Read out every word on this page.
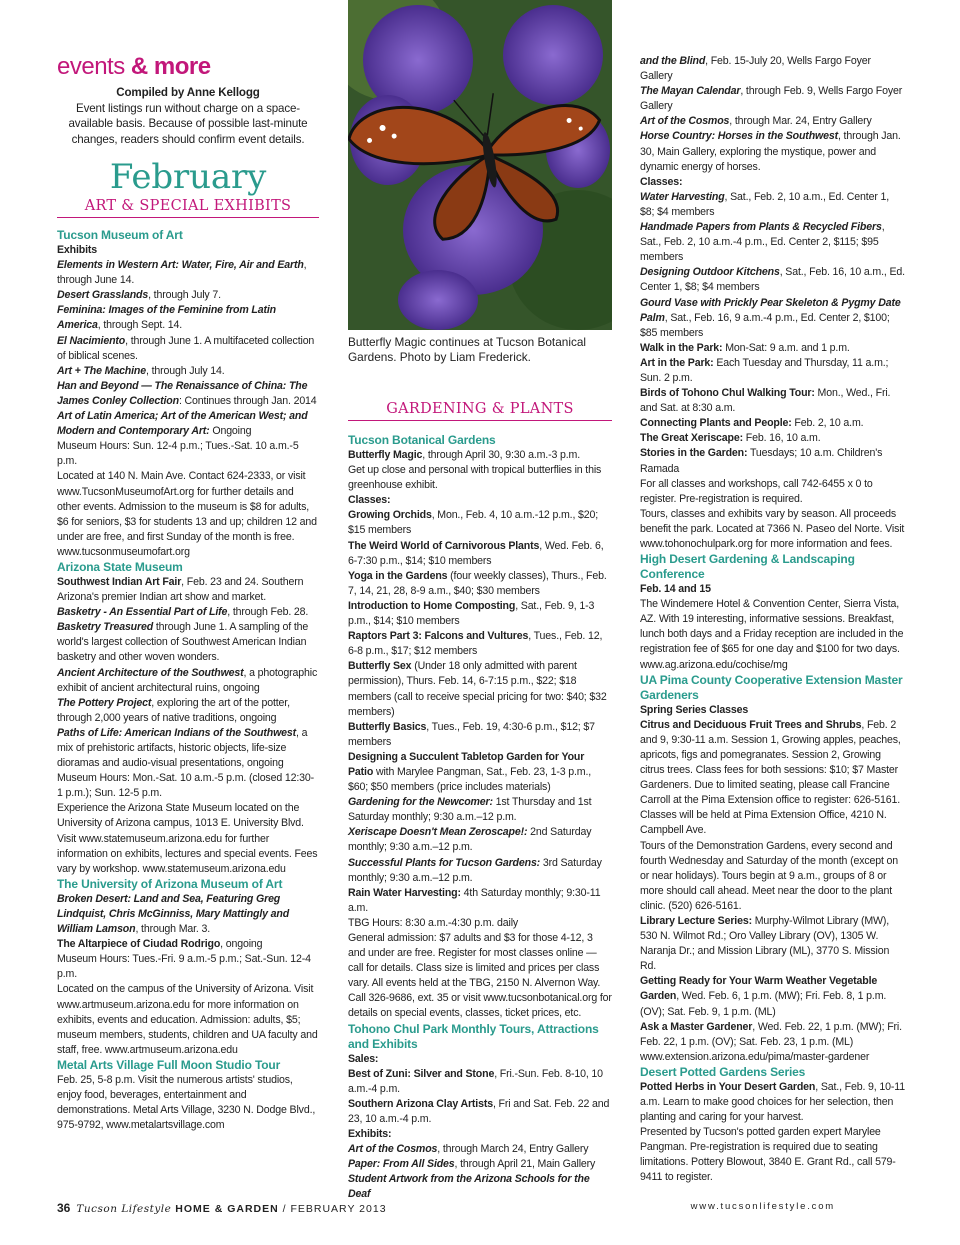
events & more
Compiled by Anne Kellogg
Event listings run without charge on a space-available basis. Because of possible last-minute changes, readers should confirm event details.
February
ART & SPECIAL EXHIBITS
Tucson Museum of Art
Exhibits
Elements in Western Art: Water, Fire, Air and Earth, through June 14.
Desert Grasslands, through July 7.
Feminina: Images of the Feminine from Latin America, through Sept. 14.
El Nacimiento, through June 1. A multifaceted collection of biblical scenes.
Art + The Machine, through July 14.
Han and Beyond — The Renaissance of China: The James Conley Collection: Continues through Jan. 2014
Art of Latin America; Art of the American West; and Modern and Contemporary Art: Ongoing
Museum Hours: Sun. 12-4 p.m.; Tues.-Sat. 10 a.m.-5 p.m.
Located at 140 N. Main Ave. Contact 624-2333, or visit www.TucsonMuseumofArt.org for further details and other events. Admission to the museum is $8 for adults, $6 for seniors, $3 for students 13 and up; children 12 and under are free, and first Sunday of the month is free. www.tucsonmuseumofart.org
Arizona State Museum
Southwest Indian Art Fair, Feb. 23 and 24. Southern Arizona's premier Indian art show and market.
Basketry - An Essential Part of Life, through Feb. 28.
Basketry Treasured through June 1. A sampling of the world's largest collection of Southwest American Indian basketry and other woven wonders.
Ancient Architecture of the Southwest, a photographic exhibit of ancient architectural ruins, ongoing
The Pottery Project, exploring the art of the potter, through 2,000 years of native traditions, ongoing
Paths of Life: American Indians of the Southwest, a mix of prehistoric artifacts, historic objects, life-size dioramas and audio-visual presentations, ongoing
Museum Hours: Mon.-Sat. 10 a.m.-5 p.m. (closed 12:30-1 p.m.); Sun. 12-5 p.m.
Experience the Arizona State Museum located on the University of Arizona campus, 1013 E. University Blvd. Visit www.statemuseum.arizona.edu for further information on exhibits, lectures and special events. Fees vary by workshop. www.statemuseum.arizona.edu
The University of Arizona Museum of Art
Broken Desert: Land and Sea, Featuring Greg Lindquist, Chris McGinniss, Mary Mattingly and William Lamson, through Mar. 3.
The Altarpiece of Ciudad Rodrigo, ongoing
Museum Hours: Tues.-Fri. 9 a.m.-5 p.m.; Sat.-Sun. 12-4 p.m.
Located on the campus of the University of Arizona. Visit www.artmuseum.arizona.edu for more information on exhibits, events and education. Admission: adults, $5; museum members, students, children and UA faculty and staff, free. www.artmuseum.arizona.edu
Metal Arts Village Full Moon Studio Tour
Feb. 25, 5-8 p.m. Visit the numerous artists' studios, enjoy food, beverages, entertainment and demonstrations. Metal Arts Village, 3230 N. Dodge Blvd., 975-9792, www.metalartsvillage.com
Butterfly Magic continues at Tucson Botanical Gardens. Photo by Liam Frederick.
GARDENING & PLANTS
Tucson Botanical Gardens
Butterfly Magic, through April 30, 9:30 a.m.-3 p.m.
Get up close and personal with tropical butterflies in this greenhouse exhibit.
Classes:
Growing Orchids, Mon., Feb. 4, 10 a.m.-12 p.m., $20; $15 members
The Weird World of Carnivorous Plants, Wed. Feb. 6, 6-7:30 p.m., $14; $10 members
Yoga in the Gardens (four weekly classes), Thurs., Feb. 7, 14, 21, 28, 8-9 a.m., $40; $30 members
Introduction to Home Composting, Sat., Feb. 9, 1-3 p.m., $14; $10 members
Raptors Part 3: Falcons and Vultures, Tues., Feb. 12, 6-8 p.m., $17; $12 members
Butterfly Sex (Under 18 only admitted with parent permission), Thurs. Feb. 14, 6-7:15 p.m., $22; $18 members (call to receive special pricing for two: $40; $32 members)
Butterfly Basics, Tues., Feb. 19, 4:30-6 p.m., $12; $7 members
Designing a Succulent Tabletop Garden for Your Patio with Marylee Pangman, Sat., Feb. 23, 1-3 p.m., $60; $50 members (price includes materials)
Gardening for the Newcomer: 1st Thursday and 1st Saturday monthly; 9:30 a.m.–12 p.m.
Xeriscape Doesn't Mean Zeroscape!: 2nd Saturday monthly; 9:30 a.m.–12 p.m.
Successful Plants for Tucson Gardens: 3rd Saturday monthly; 9:30 a.m.–12 p.m.
Rain Water Harvesting: 4th Saturday monthly; 9:30-11 a.m.
TBG Hours: 8:30 a.m.-4:30 p.m. daily
General admission: $7 adults and $3 for those 4-12, 3 and under are free. Register for most classes online — call for details. Class size is limited and prices per class vary. All events held at the TBG, 2150 N. Alvernon Way. Call 326-9686, ext. 35 or visit www.tucsonbotanical.org for details on special events, classes, ticket prices, etc.
Tohono Chul Park Monthly Tours, Attractions and Exhibits
Sales:
Best of Zuni: Silver and Stone, Fri.-Sun. Feb. 8-10, 10 a.m.-4 p.m.
Southern Arizona Clay Artists, Fri and Sat. Feb. 22 and 23, 10 a.m.-4 p.m.
Exhibits:
Art of the Cosmos, through March 24, Entry Gallery
Paper: From All Sides, through April 21, Main Gallery
Student Artwork from the Arizona Schools for the Deaf
and the Blind, Feb. 15-July 20, Wells Fargo Foyer Gallery
The Mayan Calendar, through Feb. 9, Wells Fargo Foyer Gallery
Art of the Cosmos, through Mar. 24, Entry Gallery
Horse Country: Horses in the Southwest, through Jan. 30, Main Gallery, exploring the mystique, power and dynamic energy of horses.
Classes:
Water Harvesting, Sat., Feb. 2, 10 a.m., Ed. Center 1, $8; $4 members
Handmade Papers from Plants & Recycled Fibers, Sat., Feb. 2, 10 a.m.-4 p.m., Ed. Center 2, $115; $95 members
Designing Outdoor Kitchens, Sat., Feb. 16, 10 a.m., Ed. Center 1, $8; $4 members
Gourd Vase with Prickly Pear Skeleton & Pygmy Date Palm, Sat., Feb. 16, 9 a.m.-4 p.m., Ed. Center 2, $100; $85 members
Walk in the Park: Mon-Sat: 9 a.m. and 1 p.m.
Art in the Park: Each Tuesday and Thursday, 11 a.m.; Sun. 2 p.m.
Birds of Tohono Chul Walking Tour: Mon., Wed., Fri. and Sat. at 8:30 a.m.
Connecting Plants and People: Feb. 2, 10 a.m.
The Great Xeriscape: Feb. 16, 10 a.m.
Stories in the Garden: Tuesdays; 10 a.m. Children's Ramada
For all classes and workshops, call 742-6455 x 0 to register. Pre-registration is required.
Tours, classes and exhibits vary by season. All proceeds benefit the park. Located at 7366 N. Paseo del Norte. Visit www.tohonochulpark.org for more information and fees.
High Desert Gardening & Landscaping Conference
Feb. 14 and 15
The Windemere Hotel & Convention Center, Sierra Vista, AZ. With 19 interesting, informative sessions. Breakfast, lunch both days and a Friday reception are included in the registration fee of $65 for one day and $100 for two days. www.ag.arizona.edu/cochise/mg
UA Pima County Cooperative Extension Master Gardeners
Spring Series Classes
Citrus and Deciduous Fruit Trees and Shrubs, Feb. 2 and 9, 9:30-11 a.m. Session 1, Growing apples, peaches, apricots, figs and pomegranates. Session 2, Growing citrus trees. Class fees for both sessions: $10; $7 Master Gardeners. Due to limited seating, please call Francine Carroll at the Pima Extension office to register: 626-5161. Classes will be held at Pima Extension Office, 4210 N. Campbell Ave.
Tours of the Demonstration Gardens, every second and fourth Wednesday and Saturday of the month (except on or near holidays). Tours begin at 9 a.m., groups of 8 or more should call ahead. Meet near the door to the plant clinic. (520) 626-5161.
Library Lecture Series: Murphy-Wilmot Library (MW), 530 N. Wilmot Rd.; Oro Valley Library (OV), 1305 W. Naranja Dr.; and Mission Library (ML), 3770 S. Mission Rd.
Getting Ready for Your Warm Weather Vegetable Garden, Wed. Feb. 6, 1 p.m. (MW); Fri. Feb. 8, 1 p.m. (OV); Sat. Feb. 9, 1 p.m. (ML)
Ask a Master Gardener, Wed. Feb. 22, 1 p.m. (MW); Fri. Feb. 22, 1 p.m. (OV); Sat. Feb. 23, 1 p.m. (ML)
www.extension.arizona.edu/pima/master-gardener
Desert Potted Gardens Series
Potted Herbs in Your Desert Garden, Sat., Feb. 9, 10-11 a.m. Learn to make good choices for her selection, then planting and caring for your harvest.
Presented by Tucson's potted garden expert Marylee Pangman. Pre-registration is required due to seating limitations. Pottery Blowout, 3840 E. Grant Rd., call 579-9411 to register.
36 Tucson Lifestyle HOME & GARDEN / FEBRUARY 2013	www.tucsonlifestyle.com
